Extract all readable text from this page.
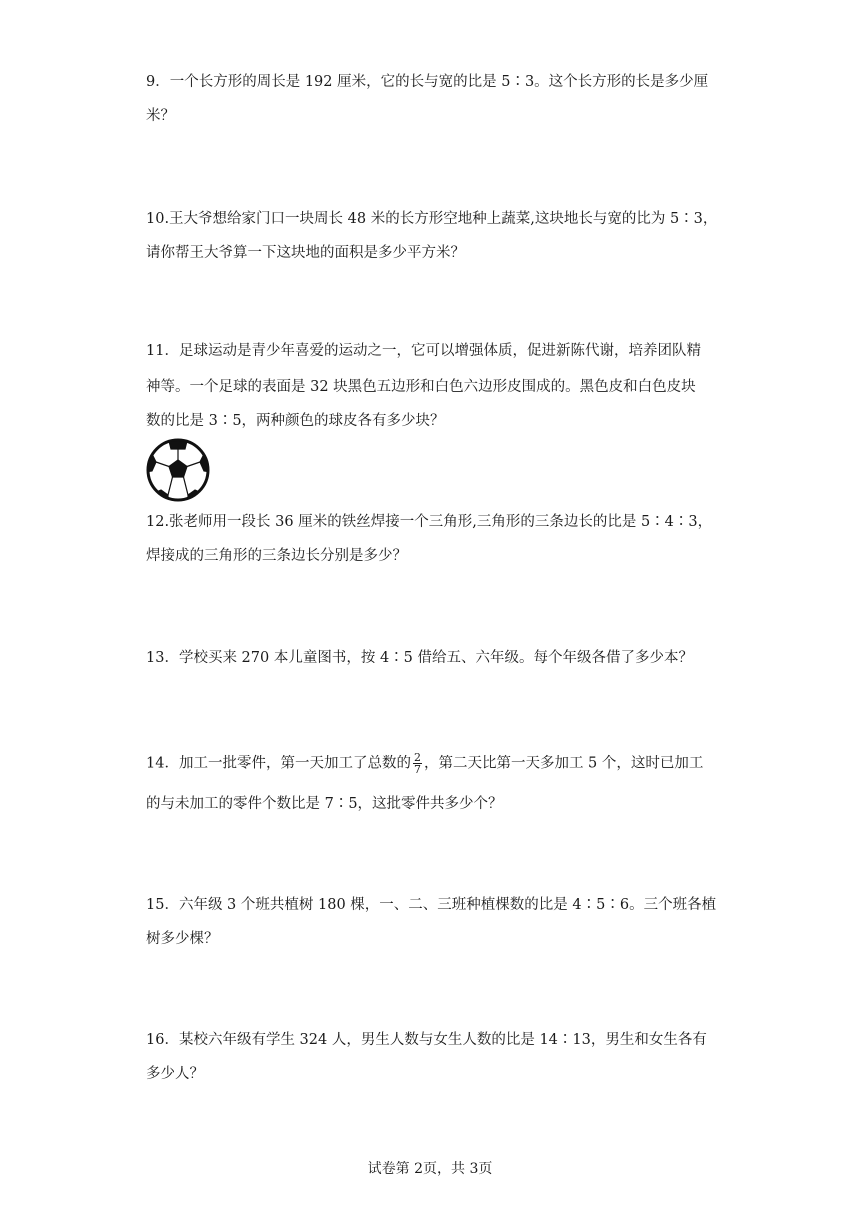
9．一个长方形的周长是 192 厘米，它的长与宽的比是 5∶3。这个长方形的长是多少厘
米？
10.王大爷想给家门口一块周长 48 米的长方形空地种上蔬菜,这块地长与宽的比为 5∶3，
请你帮王大爷算一下这块地的面积是多少平方米？
11．足球运动是青少年喜爱的运动之一，它可以增强体质，促进新陈代谢，培养团队精
神等。一个足球的表面是 32 块黑色五边形和白色六边形皮围成的。黑色皮和白色皮块
数的比是 3∶5，两种颜色的球皮各有多少块？
12.张老师用一段长 36 厘米的铁丝焊接一个三角形,三角形的三条边长的比是 5∶4∶3，
焊接成的三角形的三条边长分别是多少？
13．学校买来 270 本儿童图书，按 4∶5 借给五、六年级。每个年级各借了多少本？
14．加工一批零件，第一天加工了总数的 $\frac{2}{7}$ ，第二天比第一天多加工 5 个，这时已加工
的与未加工的零件个数比是 7∶5，这批零件共多少个？
15．六年级 3 个班共植树 180 棵，一、二、三班种植棵数的比是 4∶5∶6。三个班各植
树多少棵？
16．某校六年级有学生 324 人，男生人数与女生人数的比是 14∶13，男生和女生各有
多少人？
试卷第 2页，共 3页
